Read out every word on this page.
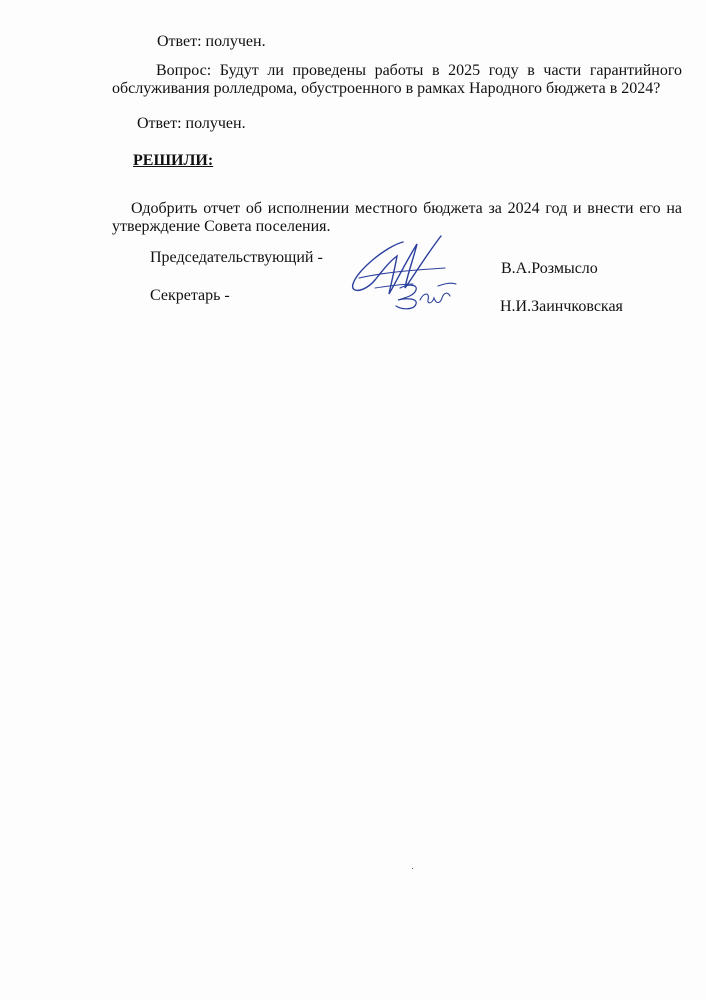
Ответ: получен.
Вопрос: Будут ли проведены работы в 2025 году в части гарантийного обслуживания ролледрома, обустроенного в рамках Народного бюджета в 2024?
Ответ: получен.
РЕШИЛИ:
Одобрить отчет об исполнении местного бюджета за 2024 год и внести его на утверждение Совета поселения.
Председательствующий -
В.А.Розмысло
Секретарь -
Н.И.Заинчковская
